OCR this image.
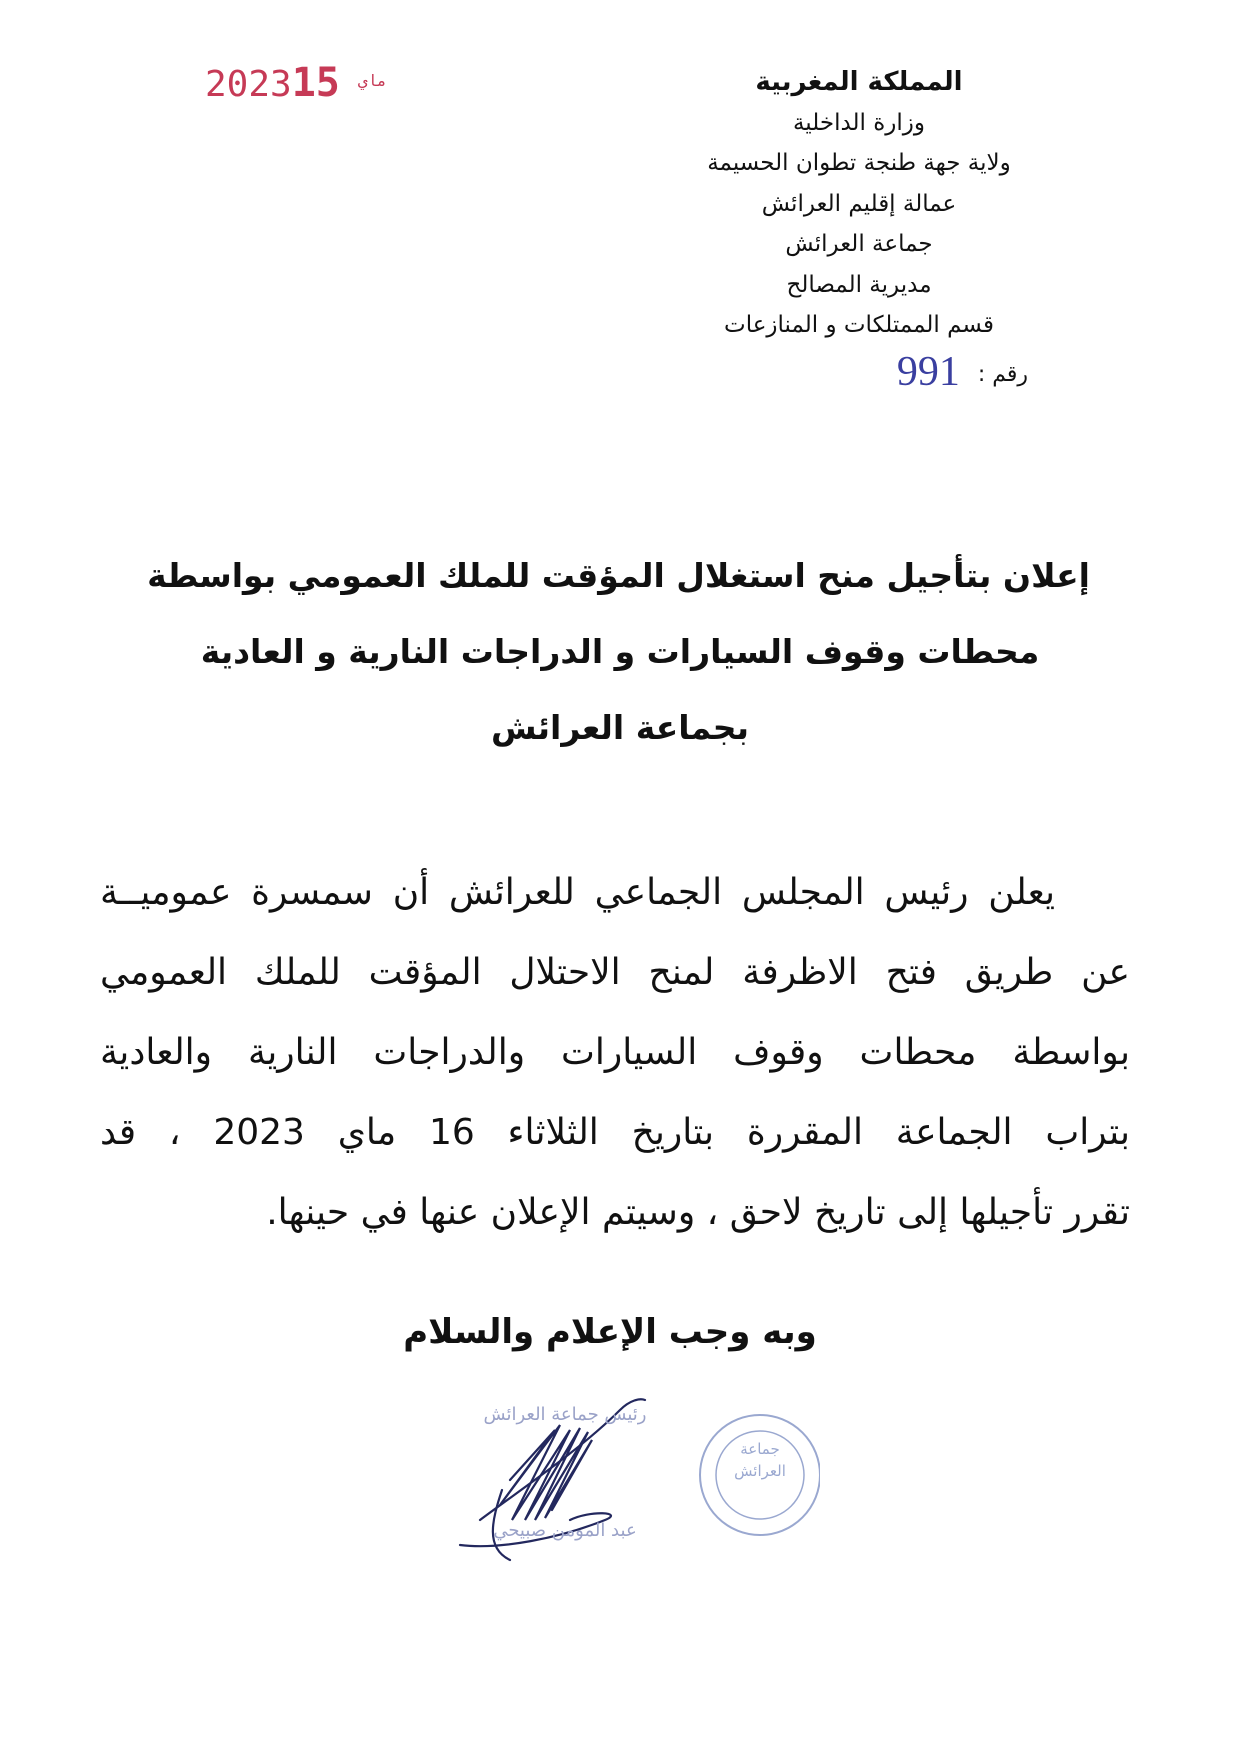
2023	ماي15	المملكة المغربية
وزارة الداخلية
ولاية جهة طنجة تطوان الحسيمة
عمالة إقليم العرائش
جماعة العرائش
مديرية المصالح
قسم الممتلكات و المنازعات
رقم :991
إعلان بتأجيل منح استغلال المؤقت للملك العمومي بواسطة
محطات وقوف السيارات و الدراجات النارية و العادية
بجماعة العرائش
يعلن رئيس المجلس الجماعي للعرائش أن سمسرة عموميــة
عن طريق فتح الاظرفة لمنح الاحتلال المؤقت للملك العمومي
بواسطة محطات وقوف السيارات والدراجات النارية والعادية
بتراب الجماعة المقررة بتاريخ الثلاثاء 16 ماي 2023 ، قد
تقرر تأجيلها إلى تاريخ لاحق ، وسيتم الإعلان عنها في حينها.
وبه وجب الإعلام والسلام
رئيس جماعة العرائش
عبد المومن صبيحي
جماعة
العرائش
